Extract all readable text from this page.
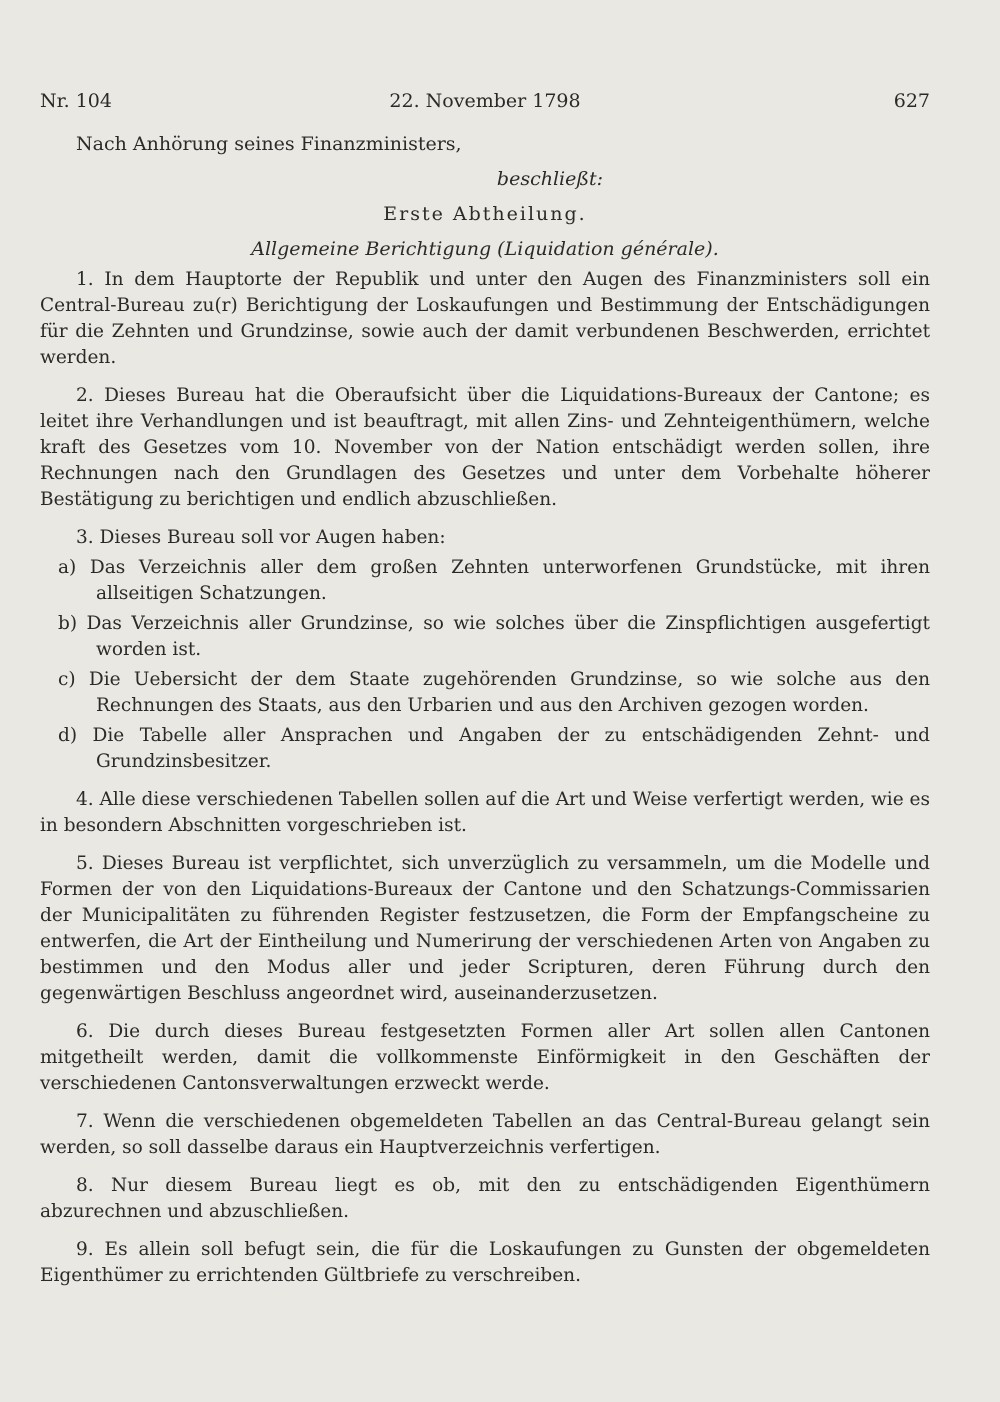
Nr. 104	22. November 1798	627
Nach Anhörung seines Finanzministers,
beschließt:
Erste Abtheilung.
Allgemeine Berichtigung (Liquidation générale).

1. In dem Hauptorte der Republik und unter den Augen des Finanzministers soll ein Central-Bureau zu(r) Berichtigung der Loskaufungen und Bestimmung der Entschädigungen für die Zehnten und Grundzinse, sowie auch der damit verbundenen Beschwerden, errichtet werden.

2. Dieses Bureau hat die Oberaufsicht über die Liquidations-Bureaux der Cantone; es leitet ihre Verhandlungen und ist beauftragt, mit allen Zins- und Zehnteigenthümern, welche kraft des Gesetzes vom 10. November von der Nation entschädigt werden sollen, ihre Rechnungen nach den Grundlagen des Gesetzes und unter dem Vorbehalte höherer Bestätigung zu berichtigen und endlich abzuschließen.

3. Dieses Bureau soll vor Augen haben:

a) Das Verzeichnis aller dem großen Zehnten unterworfenen Grundstücke, mit ihren allseitigen Schatzungen.

b) Das Verzeichnis aller Grundzinse, so wie solches über die Zinspflichtigen ausgefertigt worden ist.

c) Die Uebersicht der dem Staate zugehörenden Grundzinse, so wie solche aus den Rechnungen des Staats, aus den Urbarien und aus den Archiven gezogen worden.

d) Die Tabelle aller Ansprachen und Angaben der zu entschädigenden Zehnt- und Grundzinsbesitzer.

4. Alle diese verschiedenen Tabellen sollen auf die Art und Weise verfertigt werden, wie es in besondern Abschnitten vorgeschrieben ist.

5. Dieses Bureau ist verpflichtet, sich unverzüglich zu versammeln, um die Modelle und Formen der von den Liquidations-Bureaux der Cantone und den Schatzungs-Commissarien der Municipalitäten zu führenden Register festzusetzen, die Form der Empfangscheine zu entwerfen, die Art der Eintheilung und Numerirung der verschiedenen Arten von Angaben zu bestimmen und den Modus aller und jeder Scripturen, deren Führung durch den gegenwärtigen Beschluss angeordnet wird, auseinanderzusetzen.

6. Die durch dieses Bureau festgesetzten Formen aller Art sollen allen Cantonen mitgetheilt werden, damit die vollkommenste Einförmigkeit in den Geschäften der verschiedenen Cantonsverwaltungen erzweckt werde.

7. Wenn die verschiedenen obgemeldeten Tabellen an das Central-Bureau gelangt sein werden, so soll dasselbe daraus ein Hauptverzeichnis verfertigen.

8. Nur diesem Bureau liegt es ob, mit den zu entschädigenden Eigenthümern abzurechnen und abzuschließen.

9. Es allein soll befugt sein, die für die Loskaufungen zu Gunsten der obgemeldeten Eigenthümer zu errichtenden Gültbriefe zu verschreiben.
